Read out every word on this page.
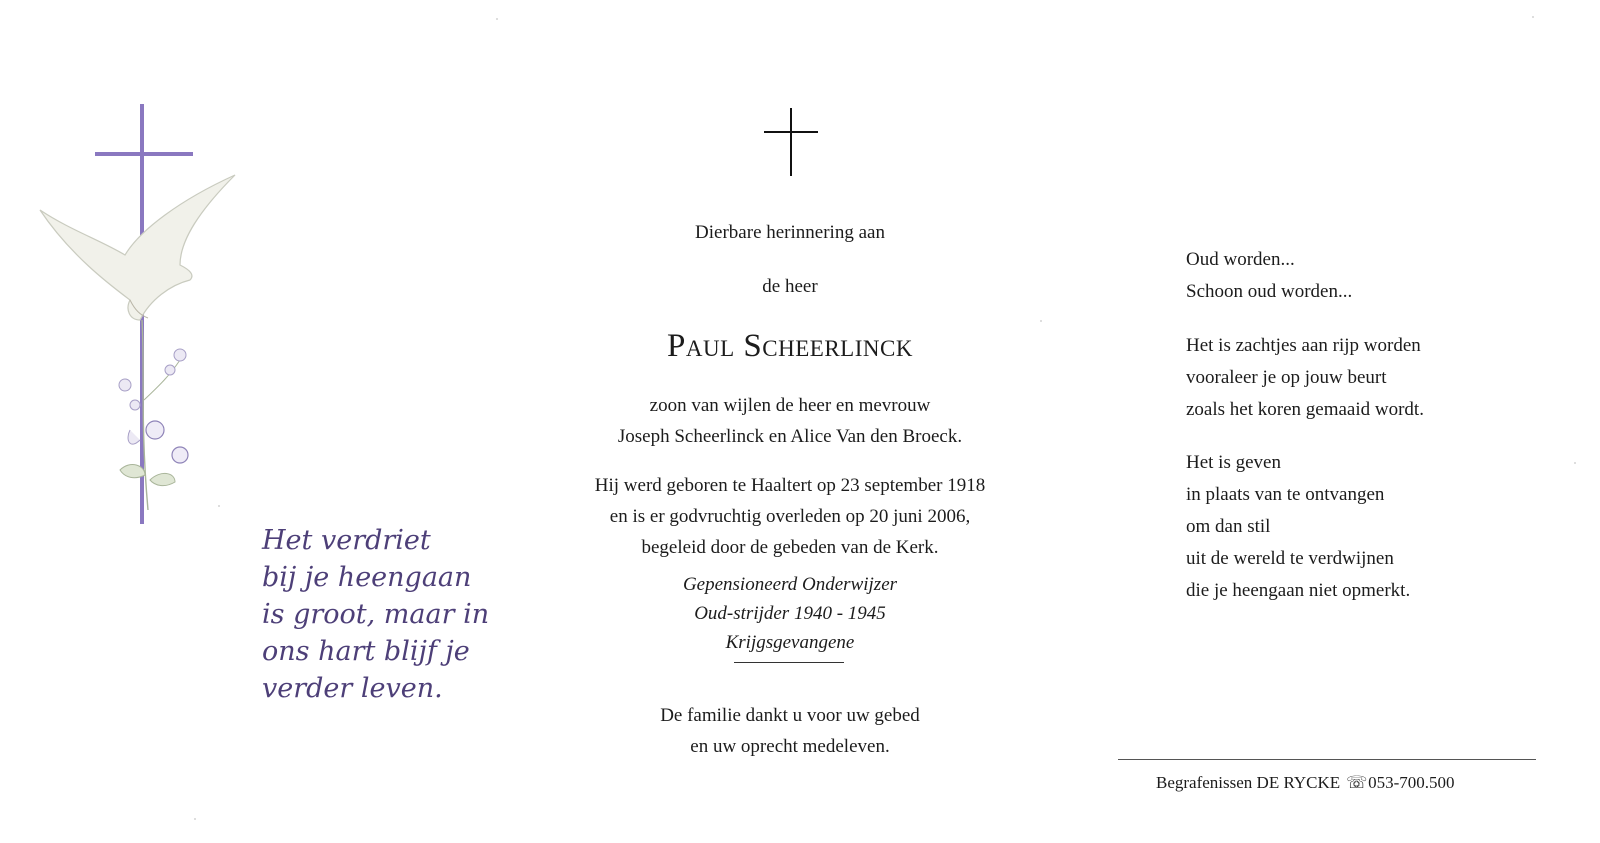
Het verdriet
bij je heengaan
is groot, maar in
ons hart blijf je
verder leven.
Dierbare herinnering aan
de heer
Paul Scheerlinck
zoon van wijlen de heer en mevrouw
Joseph Scheerlinck en Alice Van den Broeck.
Hij werd geboren te Haaltert op 23 september 1918
en is er godvruchtig overleden op 20 juni 2006,
begeleid door de gebeden van de Kerk.
Gepensioneerd Onderwijzer
Oud-strijder 1940 - 1945
Krijgsgevangene
De familie dankt u voor uw gebed
en uw oprecht medeleven.
Oud worden...
Schoon oud worden...
Het is zachtjes aan rijp worden
vooraleer je op jouw beurt
zoals het koren gemaaid wordt.
Het is geven
in plaats van te ontvangen
om dan stil
uit de wereld te verdwijnen
die je heengaan niet opmerkt.
Begrafenissen DE RYCKE ☏053-700.500
